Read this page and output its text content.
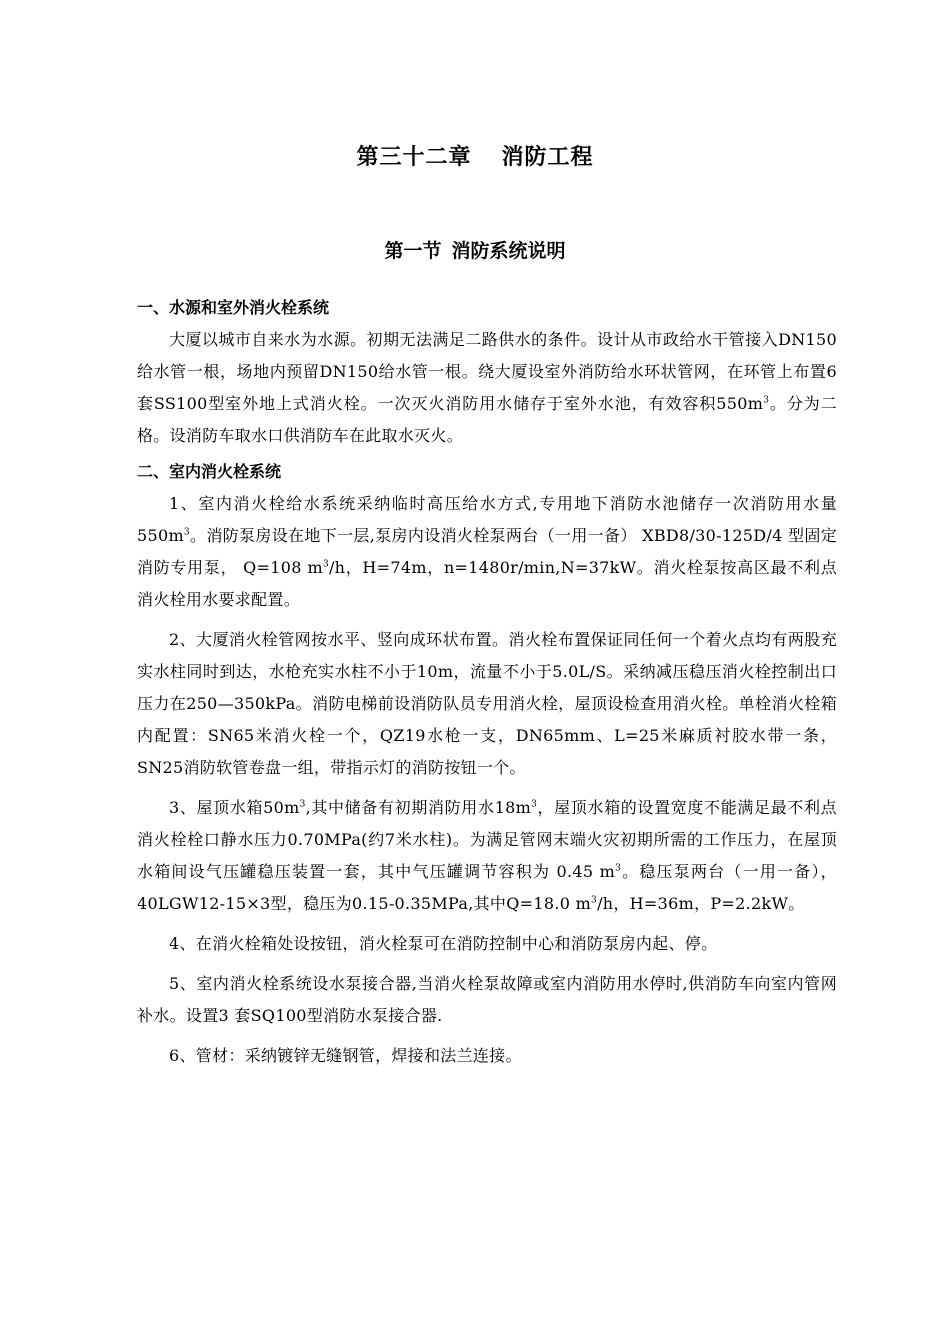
第三十二章 消防工程
第一节 消防系统说明
一、水源和室外消火栓系统

大厦以城市自来水为水源。初期无法满足二路供水的条件。设计从市政给水干管接入DN150给水管一根，场地内预留DN150给水管一根。绕大厦设室外消防给水环状管网，在环管上布置6套SS100型室外地上式消火栓。一次灭火消防用水储存于室外水池，有效容积$550m^3$。分为二格。设消防车取水口供消防车在此取水灭火。

二、室内消火栓系统

1、室内消火栓给水系统采纳临时高压给水方式,专用地下消防水池储存一次消防用水量$550m^3$。消防泵房设在地下一层,泵房内设消火栓泵两台（一用一备） XBD8/30-125D/4 型固定消防专用泵， Q=108 $m^3/h$，H=74m，n=1480r/min,N=37kW。消火栓泵按高区最不利点消火栓用水要求配置。

2、大厦消火栓管网按水平、竖向成环状布置。消火栓布置保证同任何一个着火点均有两股充实水柱同时到达，水枪充实水柱不小于10m，流量不小于5.0L/S。采纳减压稳压消火栓控制出口压力在250—350kPa。消防电梯前设消防队员专用消火栓，屋顶设检查用消火栓。单栓消火栓箱内配置：SN65米消火栓一个，QZ19水枪一支，DN65mm、L=25米麻质衬胶水带一条，SN25消防软管卷盘一组，带指示灯的消防按钮一个。

3、屋顶水箱$50m^3$,其中储备有初期消防用水$18m^3$，屋顶水箱的设置宽度不能满足最不利点消火栓栓口静水压力0.70MPa(约7米水柱)。为满足管网末端火灾初期所需的工作压力，在屋顶水箱间设气压罐稳压装置一套，其中气压罐调节容积为 0.45 $m^3$。稳压泵两台（一用一备），40LGW12-15×3型，稳压为0.15-0.35MPa,其中Q=18.0 $m^3/h$，H=36m，P=2.2kW。

4、在消火栓箱处设按钮，消火栓泵可在消防控制中心和消防泵房内起、停。

5、室内消火栓系统设水泵接合器,当消火栓泵故障或室内消防用水停时,供消防车向室内管网补水。设置3 套SQ100型消防水泵接合器.

6、管材：采纳镀锌无缝钢管，焊接和法兰连接。
